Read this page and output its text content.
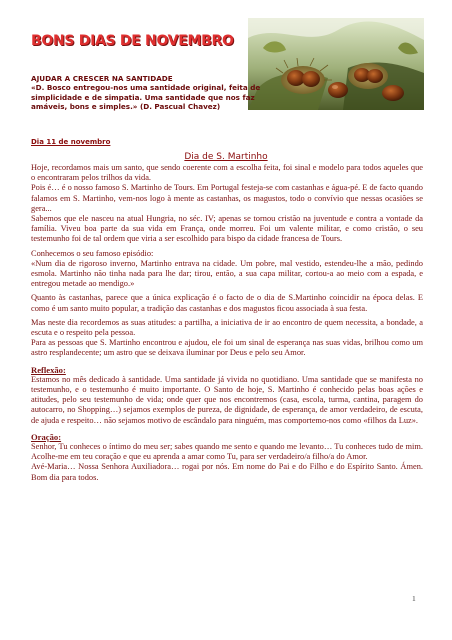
BONS DIAS DE NOVEMBRO
AJUDAR A CRESCER NA SANTIDADE
«D. Bosco entregou-nos uma santidade original, feita de simplicidade e de simpatia. Uma santidade que nos faz amáveis, bons e simples.» (D. Pascual Chavez)
Dia 11 de novembro
Dia de S. Martinho

Hoje, recordamos mais um santo, que sendo coerente com a escolha feita, foi sinal e modelo para todos aqueles que o encontraram pelos trilhos da vida.

Pois é… é o nosso famoso S. Martinho de Tours. Em Portugal festeja-se com castanhas e água-pé. E de facto quando falamos em S. Martinho, vem-nos logo à mente as castanhas, os magustos, todo o convívio que nessas ocasiões se gera...

Sabemos que ele nasceu na atual Hungria, no séc. IV; apenas se tornou cristão na juventude e contra a vontade da família. Viveu boa parte da sua vida em França, onde morreu. Foi um valente militar, e como cristão, o seu testemunho foi de tal ordem que viria a ser escolhido para bispo da cidade francesa de Tours.

Conhecemos o seu famoso episódio:

«Num dia de rigoroso inverno, Martinho entrava na cidade. Um pobre, mal vestido, estendeu-lhe a mão, pedindo esmola. Martinho não tinha nada para lhe dar; tirou, então, a sua capa militar, cortou-a ao meio com a espada, e entregou metade ao mendigo.»

Quanto às castanhas, parece que a única explicação é o facto de o dia de S.Martinho coincidir na época delas. E como é um santo muito popular, a tradição das castanhas e dos magustos ficou associada à sua festa.

Mas neste dia recordemos as suas atitudes: a partilha, a iniciativa de ir ao encontro de quem necessita, a bondade, a escuta e o respeito pela pessoa.

Para as pessoas que S. Martinho encontrou e ajudou, ele foi um sinal de esperança nas suas vidas, brilhou como um astro resplandecente; um astro que se deixava iluminar por Deus e pelo seu Amor.

Reflexão:

Estamos no mês dedicado à santidade. Uma santidade já vivida no quotidiano. Uma santidade que se manifesta no testemunho, e o testemunho é muito importante. O Santo de hoje, S. Martinho é conhecido pelas boas ações e atitudes, pelo seu testemunho de vida; onde quer que nos encontremos (casa, escola, turma, cantina, paragem do autocarro, no Shopping…) sejamos exemplos de pureza, de dignidade, de esperança, de amor verdadeiro, de escuta, de ajuda e respeito… não sejamos motivo de escândalo para ninguém, mas comportemo-nos como «filhos da Luz».

Oração:

Senhor, Tu conheces o íntimo do meu ser; sabes quando me sento e quando me levanto… Tu conheces tudo de mim. Acolhe-me em teu coração e que eu aprenda a amar como Tu, para ser verdadeiro/a filho/a do Amor.

Avé-Maria… Nossa Senhora Auxiliadora… rogai por nós. Em nome do Pai e do Filho e do Espírito Santo. Ámen. Bom dia para todos.

1
